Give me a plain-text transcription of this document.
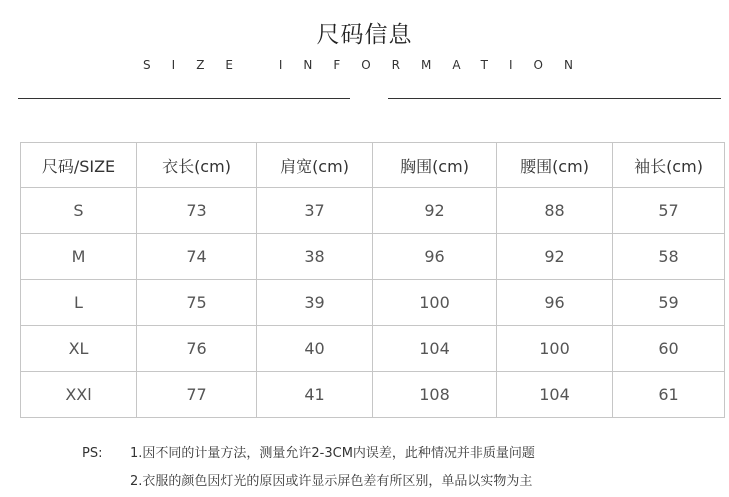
尺码信息
SIZE INFORMATION
尺码/SIZE	衣长(cm)	肩宽(cm)	胸围(cm)	腰围(cm)	袖长(cm)
S	73	37	92	88	57
M	74	38	96	92	58
L	75	39	100	96	59
XL	76	40	104	100	60
XXl	77	41	108	104	61
PS: 1.因不同的计量方法，测量允许2-3CM内误差，此种情况并非质量问题
2.衣服的颜色因灯光的原因或许显示屏色差有所区别，单品以实物为主
